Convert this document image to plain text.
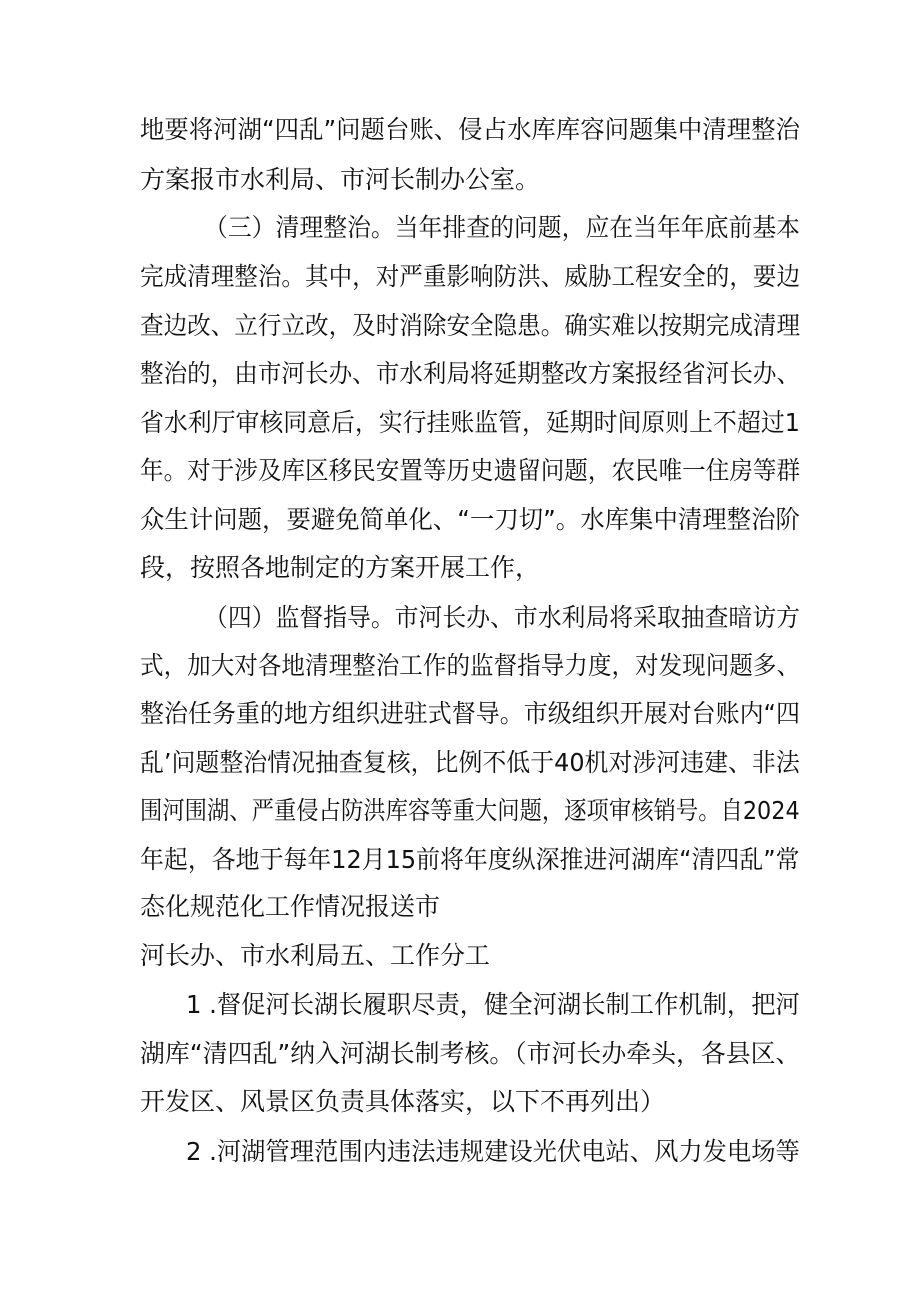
地要将河湖“四乱”问题台账、侵占水库库容问题集中清理整治
方案报市水利局、市河长制办公室。
（三）清理整治。当年排查的问题，应在当年年底前基本
完成清理整治。其中，对严重影响防洪、威胁工程安全的，要边
查边改、立行立改，及时消除安全隐患。确实难以按期完成清理
整治的，由市河长办、市水利局将延期整改方案报经省河长办、
省水利厅审核同意后，实行挂账监管，延期时间原则上不超过1
年。对于涉及库区移民安置等历史遗留问题，农民唯一住房等群
众生计问题，要避免简单化、“一刀切”。水库集中清理整治阶
段，按照各地制定的方案开展工作，
（四）监督指导。市河长办、市水利局将采取抽查暗访方
式，加大对各地清理整治工作的监督指导力度，对发现问题多、
整治任务重的地方组织进驻式督导。市级组织开展对台账内“四
乱’问题整治情况抽查复核，比例不低于40机对涉河违建、非法
围河围湖、严重侵占防洪库容等重大问题，逐项审核销号。自2024
年起，各地于每年12月15前将年度纵深推进河湖库“清四乱”常
态化规范化工作情况报送市
河长办、市水利局五、工作分工
1 .督促河长湖长履职尽责，健全河湖长制工作机制，把河
湖库“清四乱”纳入河湖长制考核。（市河长办牵头，各县区、
开发区、风景区负责具体落实，以下不再列出）
2 .河湖管理范围内违法违规建设光伏电站、风力发电场等
